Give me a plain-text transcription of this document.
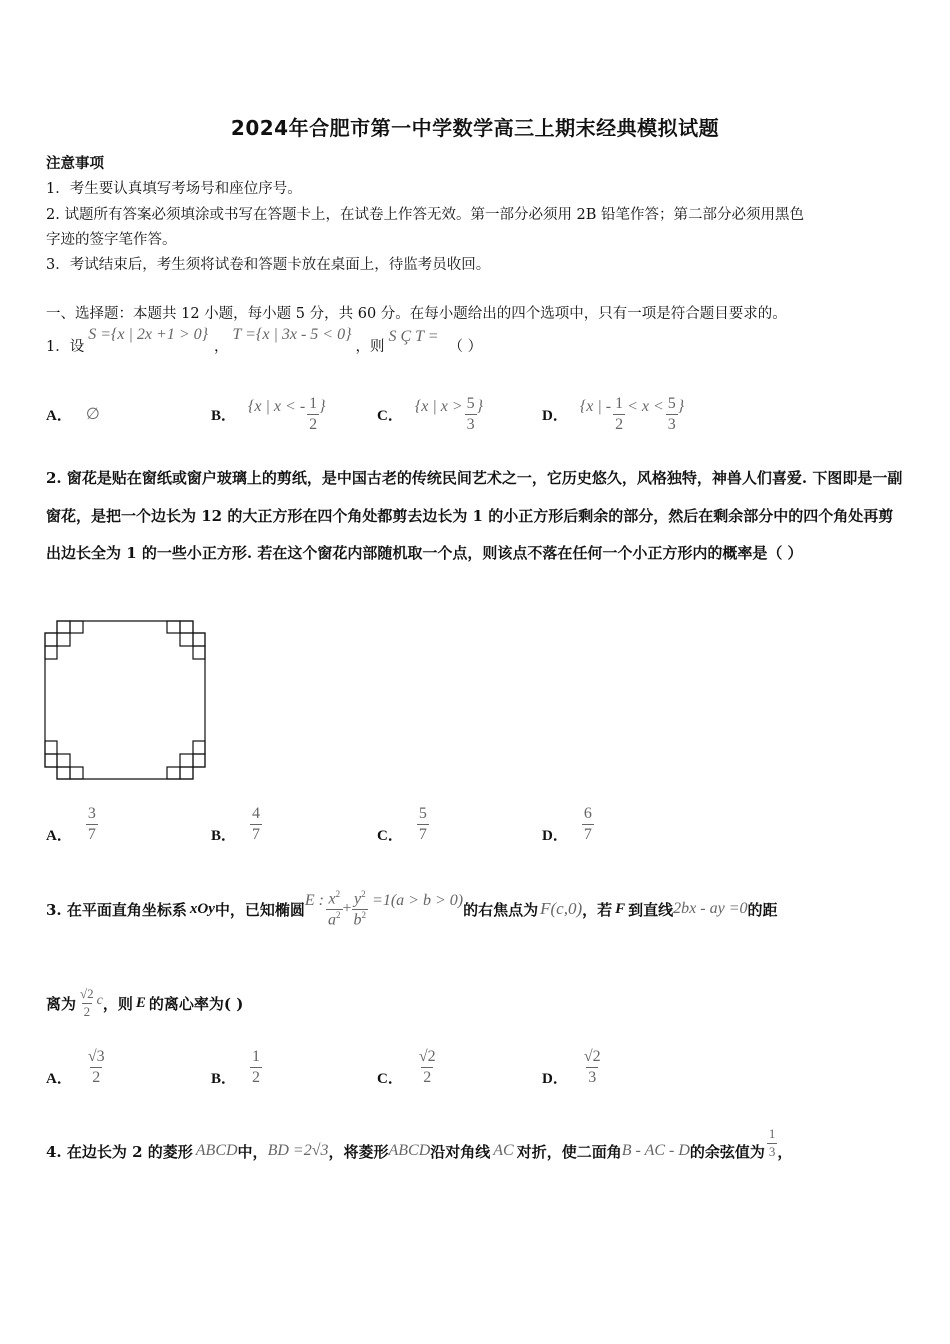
2024年合肥市第一中学数学高三上期末经典模拟试题
注意事项
1．考生要认真填写考场号和座位序号。
2. 试题所有答案必须填涂或书写在答题卡上，在试卷上作答无效。第一部分必须用 2B 铅笔作答；第二部分必须用黑色
字迹的签字笔作答。
3．考试结束后，考生须将试卷和答题卡放在桌面上，待监考员收回。
一、选择题：本题共 12 小题，每小题 5 分，共 60 分。在每小题给出的四个选项中，只有一项是符合题目要求的。
1．设
S ={x | 2x +1 > 0}
，
T ={x | 3x - 5 < 0}
，则
S Ç T =
（ ）
A． ∅	B．
{x | x < - $\frac{1}{2}$ }
C．
{x | $x > \frac{5}{3}$ }
D．
{x | - $\frac{1}{2} < x < \frac{5}{3}$ }
2. 窗花是贴在窗纸或窗户玻璃上的剪纸，是中国古老的传统民间艺术之一，它历史悠久，风格独特，神兽人们喜爱. 下图即是一副窗花，是把一个边长为 12 的大正方形在四个角处都剪去边长为 1 的小正方形后剩余的部分，然后在剩余部分中的四个角处再剪出边长全为 1 的一些小正方形. 若在这个窗花内部随机取一个点，则该点不落在任何一个小正方形内的概率是（ ）
A． $\frac{3}{7}$	B． $\frac{4}{7}$	C． $\frac{5}{7}$	D． $\frac{6}{7}$
3. 在平面直角坐标系 xOy 中，已知椭圆 E : $\frac{x^2}{a^2} + \frac{y^2}{b^2} =1(a > b > 0)$ 的右焦点为 F(c,0) ，若 F 到直线 2bx - ay =0 的距
离为 $\frac{√2}{2}$ c ，则 E 的离心率为( )
A． $\frac{√3}{2}$	B． $\frac{1}{2}$	C． $\frac{√2}{2}$	D． $\frac{√2}{3}$
4. 在边长为 2 的菱形 ABCD 中， BD =2√3 ，将菱形 ABCD 沿对角线 AC 对折，使二面角 B - AC - D 的余弦值为 $\frac{1}{3}$ ，
